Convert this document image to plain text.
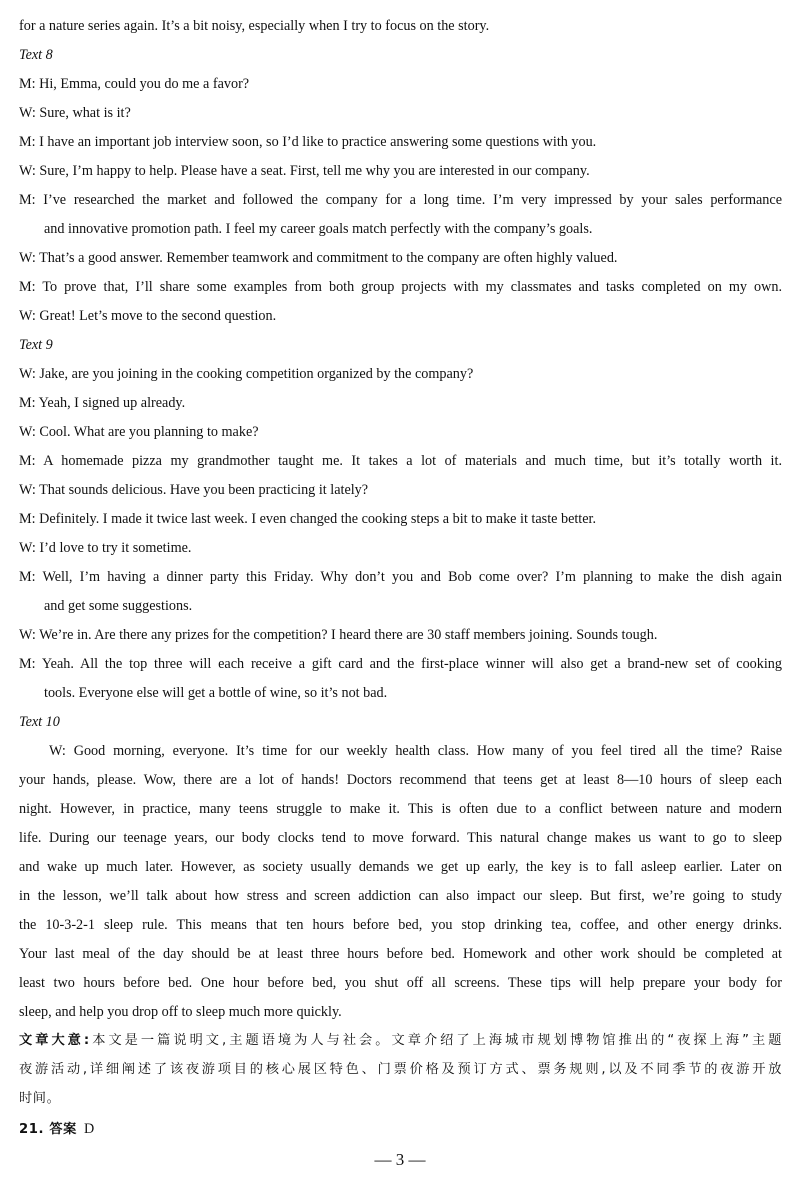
for a nature series again. It’s a bit noisy, especially when I try to focus on the story.
Text 8
M: Hi, Emma, could you do me a favor?
W: Sure, what is it?
M: I have an important job interview soon, so I’d like to practice answering some questions with you.
W: Sure, I’m happy to help. Please have a seat. First, tell me why you are interested in our company.
M: I’ve researched the market and followed the company for a long time. I’m very impressed by your sales performance
and innovative promotion path. I feel my career goals match perfectly with the company’s goals.
W: That’s a good answer. Remember teamwork and commitment to the company are often highly valued.
M: To prove that, I’ll share some examples from both group projects with my classmates and tasks completed on my own.
W: Great! Let’s move to the second question.
Text 9
W: Jake, are you joining in the cooking competition organized by the company?
M: Yeah, I signed up already.
W: Cool. What are you planning to make?
M: A homemade pizza my grandmother taught me. It takes a lot of materials and much time, but it’s totally worth it.
W: That sounds delicious. Have you been practicing it lately?
M: Definitely. I made it twice last week. I even changed the cooking steps a bit to make it taste better.
W: I’d love to try it sometime.
M: Well, I’m having a dinner party this Friday. Why don’t you and Bob come over? I’m planning to make the dish again
and get some suggestions.
W: We’re in. Are there any prizes for the competition? I heard there are 30 staff members joining. Sounds tough.
M: Yeah. All the top three will each receive a gift card and the first-place winner will also get a brand-new set of cooking
tools. Everyone else will get a bottle of wine, so it’s not bad.
Text 10
W: Good morning, everyone. It’s time for our weekly health class. How many of you feel tired all the time? Raise
your hands, please. Wow, there are a lot of hands! Doctors recommend that teens get at least 8—10 hours of sleep each
night. However, in practice, many teens struggle to make it. This is often due to a conflict between nature and modern
life. During our teenage years, our body clocks tend to move forward. This natural change makes us want to go to sleep
and wake up much later. However, as society usually demands we get up early, the key is to fall asleep earlier. Later on
in the lesson, we’ll talk about how stress and screen addiction can also impact our sleep. But first, we’re going to study
the 10-3-2-1 sleep rule. This means that ten hours before bed, you stop drinking tea, coffee, and other energy drinks.
Your last meal of the day should be at least three hours before bed. Homework and other work should be completed at
least two hours before bed. One hour before bed, you shut off all screens. These tips will help prepare your body for
sleep, and help you drop off to sleep much more quickly.
文章大意:本文是一篇说明文,主题语境为人与社会。文章介绍了上海城市规划博物馆推出的“夜探上海”主题
夜游活动,详细阐述了该夜游项目的核心展区特色、门票价格及预订方式、票务规则,以及不同季节的夜游开放
时间。
21. 答案 D
— 3 —
